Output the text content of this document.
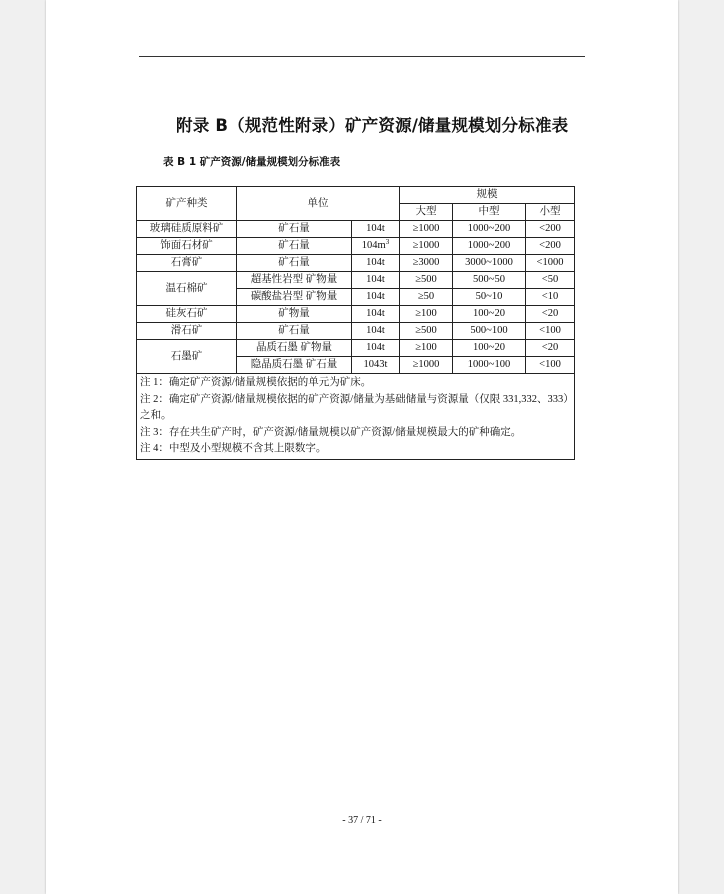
附录 B（规范性附录）矿产资源/储量规模划分标准表
表 B 1 矿产资源/储量规模划分标准表
矿产种类	单位		规模		
			大型	中型	小型
玻璃硅质原料矿	矿石量	104t	≥1000	1000~200	<200
饰面石材矿	矿石量	$104m^3$	≥1000	1000~200	<200
石膏矿	矿石量	104t	≥3000	3000~1000	<1000
温石棉矿	超基性岩型 矿物量	104t	≥500	500~50	<50
	碳酸盐岩型 矿物量	104t	≥50	50~10	<10
硅灰石矿	矿物量	104t	≥100	100~20	<20
滑石矿	矿石量	104t	≥500	500~100	<100
石墨矿	晶质石墨 矿物量	104t	≥100	100~20	<20
	隐晶质石墨 矿石量	1043t	≥1000	1000~100	<100

注 1：确定矿产资源/储量规模依据的单元为矿床。
注 2：确定矿产资源/储量规模依据的矿产资源/储量为基础储量与资源量（仅限 331,332、333）之和。
注 3：存在共生矿产时，矿产资源/储量规模以矿产资源/储量规模最大的矿种确定。
注 4：中型及小型规模不含其上限数字。					
- 37 / 71 -
